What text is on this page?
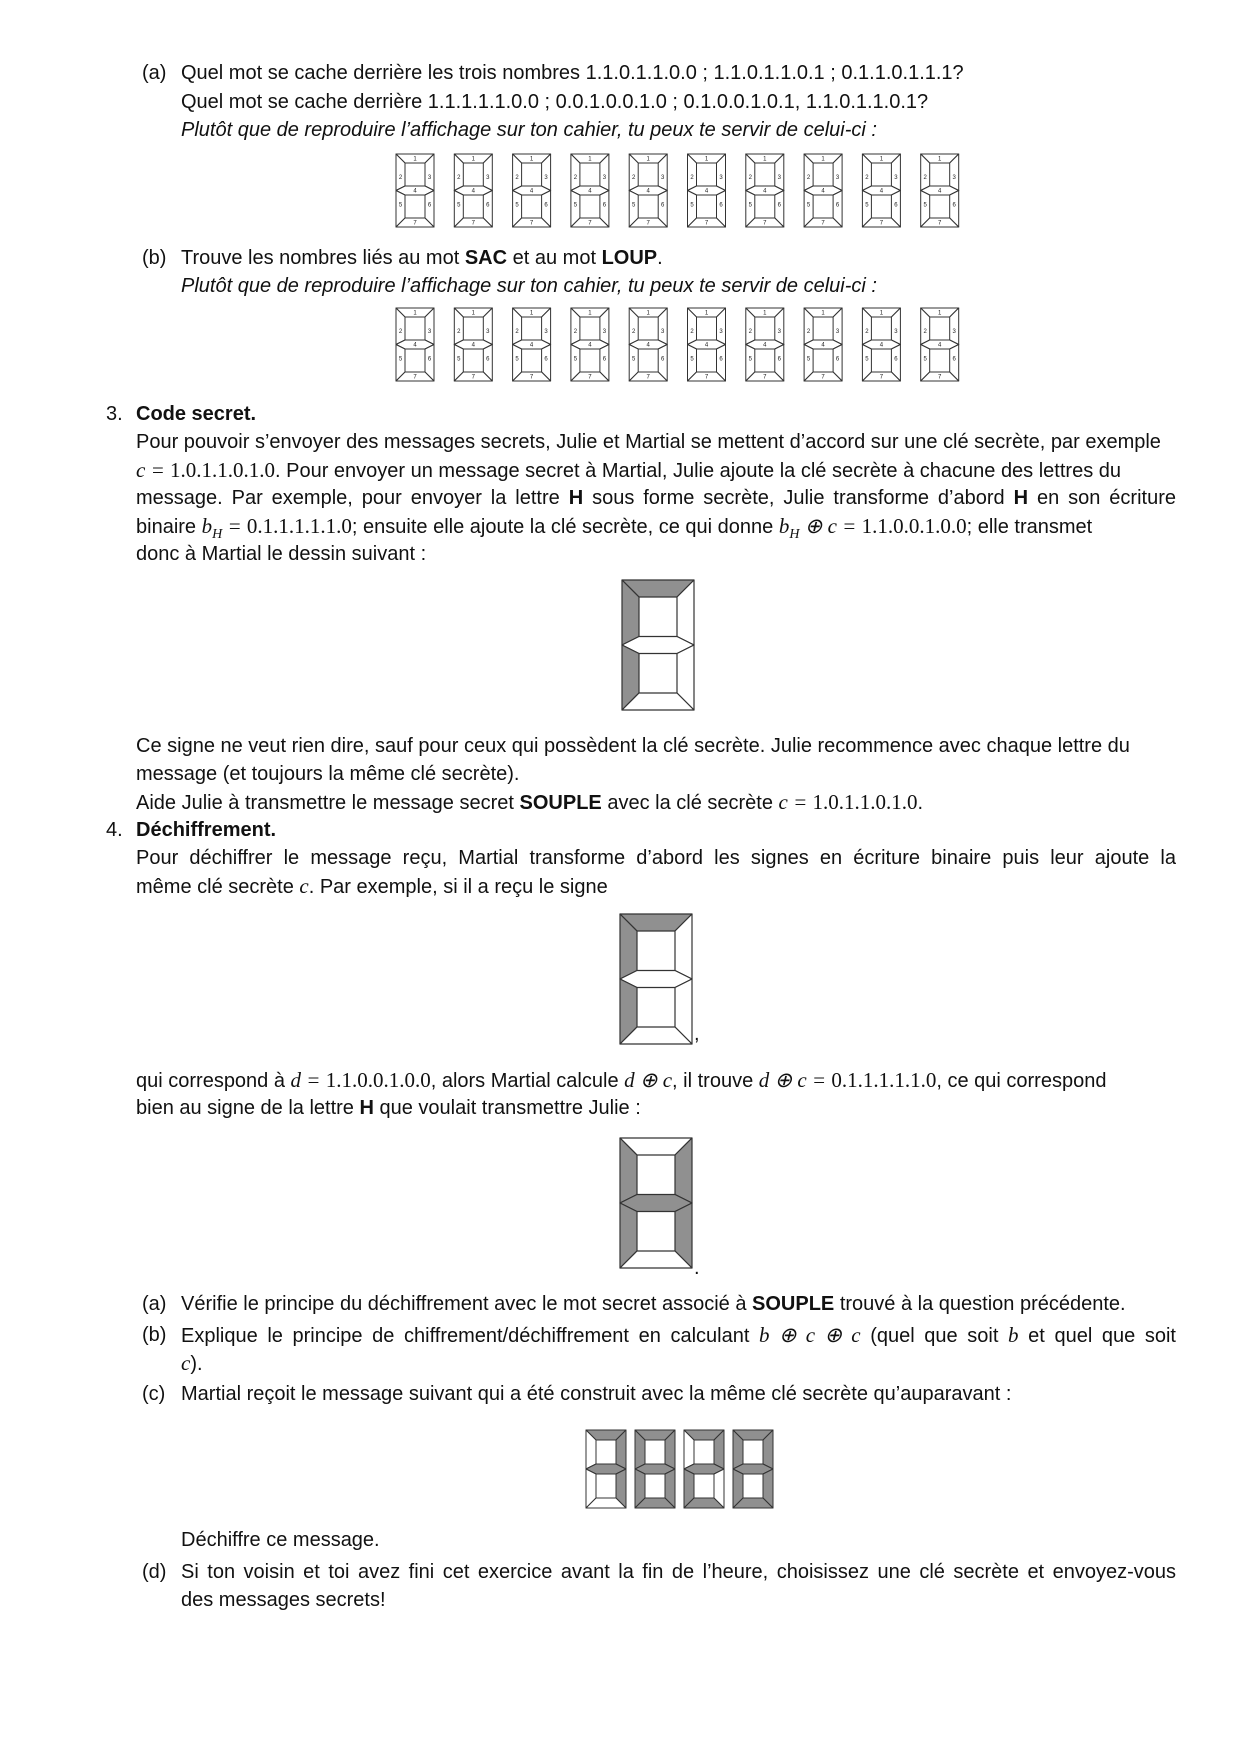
(a) Quel mot se cache derrière les trois nombres 1.1.0.1.1.0.0 ; 1.1.0.1.1.0.1 ; 0.1.1.0.1.1.1?
Quel mot se cache derrière 1.1.1.1.1.0.0 ; 0.0.1.0.0.1.0 ; 0.1.0.0.1.0.1, 1.1.0.1.1.0.1?
Plutôt que de reproduire l’affichage sur ton cahier, tu peux te servir de celui-ci :
1
2	3
4
5	6
7
1
2	3
4
5	6
7
1
2	3
4
5	6
7
1
2	3
4
5	6
7
1
2	3
4
5	6
7
1
2	3
4
5	6
7
1
2	3
4
5	6
7
1
2	3
4
5	6
7
1
2	3
4
5	6
7
1
2	3
4
5	6
7
(b) Trouve les nombres liés au mot SAC et au mot LOUP.
Plutôt que de reproduire l’affichage sur ton cahier, tu peux te servir de celui-ci :
1
2	3
4
5	6
7
1
2	3
4
5	6
7
1
2	3
4
5	6
7
1
2	3
4
5	6
7
1
2	3
4
5	6
7
1
2	3
4
5	6
7
1
2	3
4
5	6
7
1
2	3
4
5	6
7
1
2	3
4
5	6
7
1
2	3
4
5	6
7
3. Code secret.
Pour pouvoir s’envoyer des messages secrets, Julie et Martial se mettent d’accord sur une clé secrète, par exemple
c = 1.0.1.1.0.1.0. Pour envoyer un message secret à Martial, Julie ajoute la clé secrète à chacune des lettres du
message. Par exemple, pour envoyer la lettre H sous forme secrète, Julie transforme d’abord H en son écriture
binaire $b_H = 0.1.1.1.1.1.0$; ensuite elle ajoute la clé secrète, ce qui donne $b_H$ ⊕ c = 1.1.0.0.1.0.0; elle transmet
donc à Martial le dessin suivant :
Ce signe ne veut rien dire, sauf pour ceux qui possèdent la clé secrète. Julie recommence avec chaque lettre du
message (et toujours la même clé secrète).
Aide Julie à transmettre le message secret SOUPLE avec la clé secrète c = 1.0.1.1.0.1.0.
4. Déchiffrement.
Pour déchiffrer le message reçu, Martial transforme d’abord les signes en écriture binaire puis leur ajoute la
même clé secrète c. Par exemple, si il a reçu le signe
,
qui correspond à d = 1.1.0.0.1.0.0, alors Martial calcule d ⊕ c, il trouve d ⊕ c = 0.1.1.1.1.1.0, ce qui correspond
bien au signe de la lettre H que voulait transmettre Julie :
.
(a) Vérifie le principe du déchiffrement avec le mot secret associé à SOUPLE trouvé à la question précédente.
(b) Explique le principe de chiffrement/déchiffrement en calculant b ⊕ c ⊕ c (quel que soit b et quel que soit
c).
(c) Martial reçoit le message suivant qui a été construit avec la même clé secrète qu’auparavant :
Déchiffre ce message.
(d) Si ton voisin et toi avez fini cet exercice avant la fin de l’heure, choisissez une clé secrète et envoyez-vous
des messages secrets!
